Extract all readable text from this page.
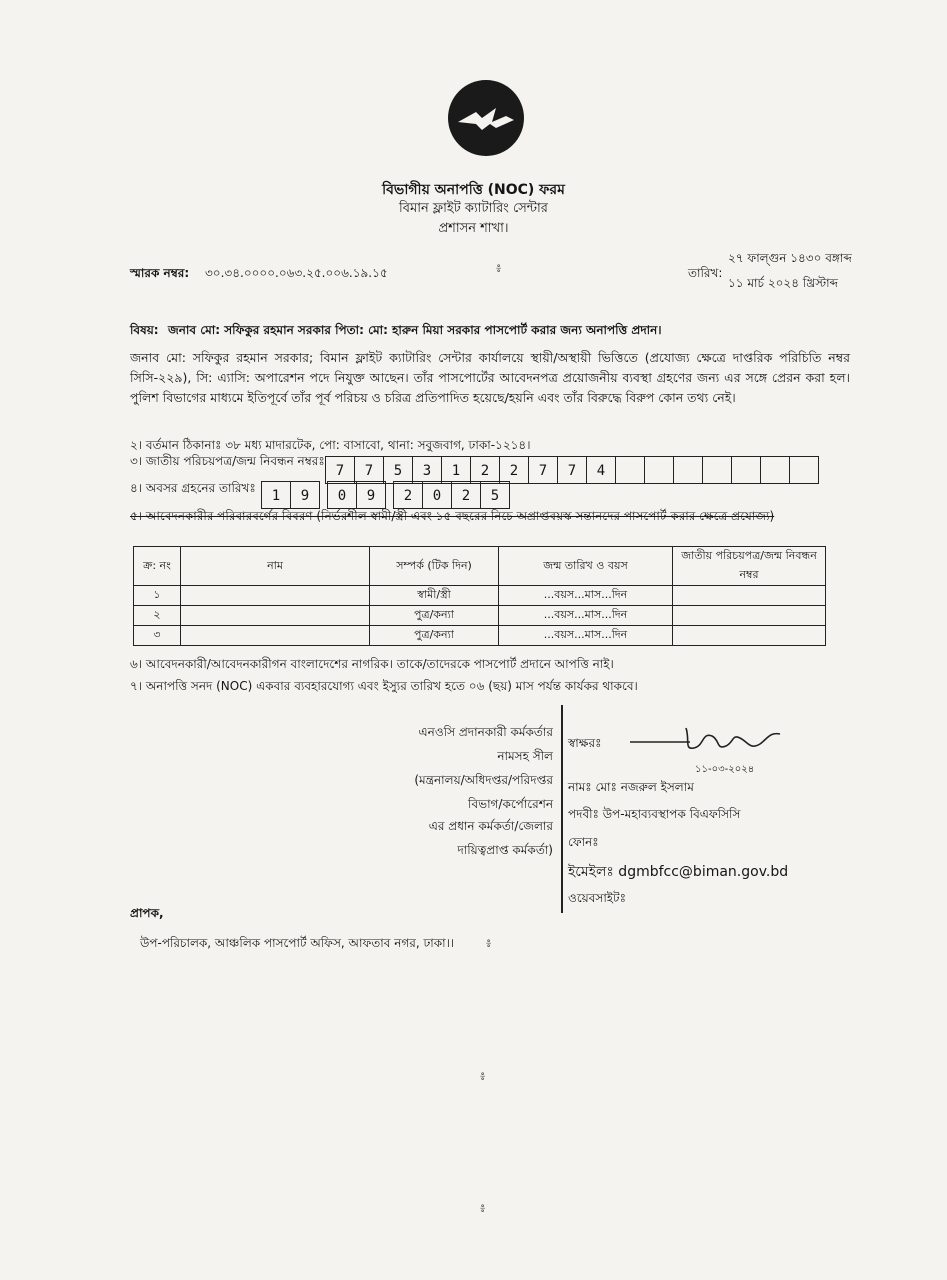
বিভাগীয় অনাপত্তি (NOC) ফরম
বিমান ফ্লাইট ক্যাটারিং সেন্টার
প্রশাসন শাখা।
স্মারক নম্বর: ৩০.৩৪.০০০০.০৬৩.২৫.০০৬.১৯.১৫
২৭ ফাল্গুন ১৪৩০ বঙ্গাব্দ
তারিখ:
১১ মার্চ ২০২৪ খ্রিস্টাব্দ
বিষয়: জনাব মো: সফিকুর রহমান সরকার পিতা: মো: হারুন মিয়া সরকার পাসপোর্ট করার জন্য অনাপত্তি প্রদান।
জনাব মো: সফিকুর রহমান সরকার; বিমান ফ্লাইট ক্যাটারিং সেন্টার কার্যালয়ে স্থায়ী/অস্থায়ী ভিত্তিতে (প্রযোজ্য ক্ষেত্রে দাপ্তরিক পরিচিতি নম্বর সিসি-২২৯), সি: এ্যাসি: অপারেশন পদে নিযুক্ত আছেন। তাঁর পাসপোর্টের আবেদনপত্র প্রয়োজনীয় ব্যবস্থা গ্রহণের জন্য এর সঙ্গে প্রেরন করা হল। পুলিশ বিভাগের মাধ্যমে ইতিপূর্বে তাঁর পূর্ব পরিচয় ও চরিত্র প্রতিপাদিত হয়েছে/হয়নি এবং তাঁর বিরুদ্ধে বিরুপ কোন তথ্য নেই।
২। বর্তমান ঠিকানাঃ ৩৮ মধ্য মাদারটেক, পো: বাসাবো, থানা: সবুজবাগ, ঢাকা-১২১৪।
৩। জাতীয় পরিচয়পত্র/জন্ম নিবন্ধন নম্বরঃ
7	7	5	3	1	2	2	7	7	4
৪। অবসর গ্রহনের তারিখঃ	1	9	0	9	2	0	2	5
৫। আবেদনকারীর পরিবারবর্গের বিবরণ (নির্ভরশীল স্বামী/স্ত্রী এবং ১৫ বছরের নিচে অপ্রাপ্তবয়স্ক সন্তানদের পাসপোর্ট করার ক্ষেত্রে প্রযোজ্য)
ক্র: নং	নাম	সম্পর্ক (টিক দিন)	জন্ম তারিখ ও বয়স	জাতীয় পরিচয়পত্র/জন্ম নিবন্ধন নম্বর
১		স্বামী/স্ত্রী	...বয়স...মাস...দিন	
২		পুত্র/কন্যা	...বয়স...মাস...দিন	
৩		পুত্র/কন্যা	...বয়স...মাস...দিন	
৬। আবেদনকারী/আবেদনকারীগন বাংলাদেশের নাগরিক। তাকে/তাদেরকে পাসপোর্ট প্রদানে আপত্তি নাই।
৭। অনাপত্তি সনদ (NOC) একবার ব্যবহারযোগ্য এবং ইস্যুর তারিখ হতে ০৬ (ছয়) মাস পর্যন্ত কার্যকর থাকবে।
এনওসি প্রদানকারী কর্মকর্তার
নামসহ সীল
(মন্ত্রনালয়/অধিদপ্তর/পরিদপ্তর
বিভাগ/কর্পোরেশন
এর প্রধান কর্মকর্তা/জেলার
দায়িত্বপ্রাপ্ত কর্মকর্তা)
স্বাক্ষরঃ
১১-০৩-২০২৪
নামঃ মোঃ নজরুল ইসলাম
পদবীঃ উপ-মহাব্যবস্থাপক বিএফসিসি
ফোনঃ
ইমেইলঃ dgmbfcc@biman.gov.bd
ওয়েবসাইটঃ
প্রাপক,
উপ-পরিচালক, আঞ্চলিক পাসপোর্ট অফিস, আফতাব নগর, ঢাকা।।
៖
៖
៖
៖
